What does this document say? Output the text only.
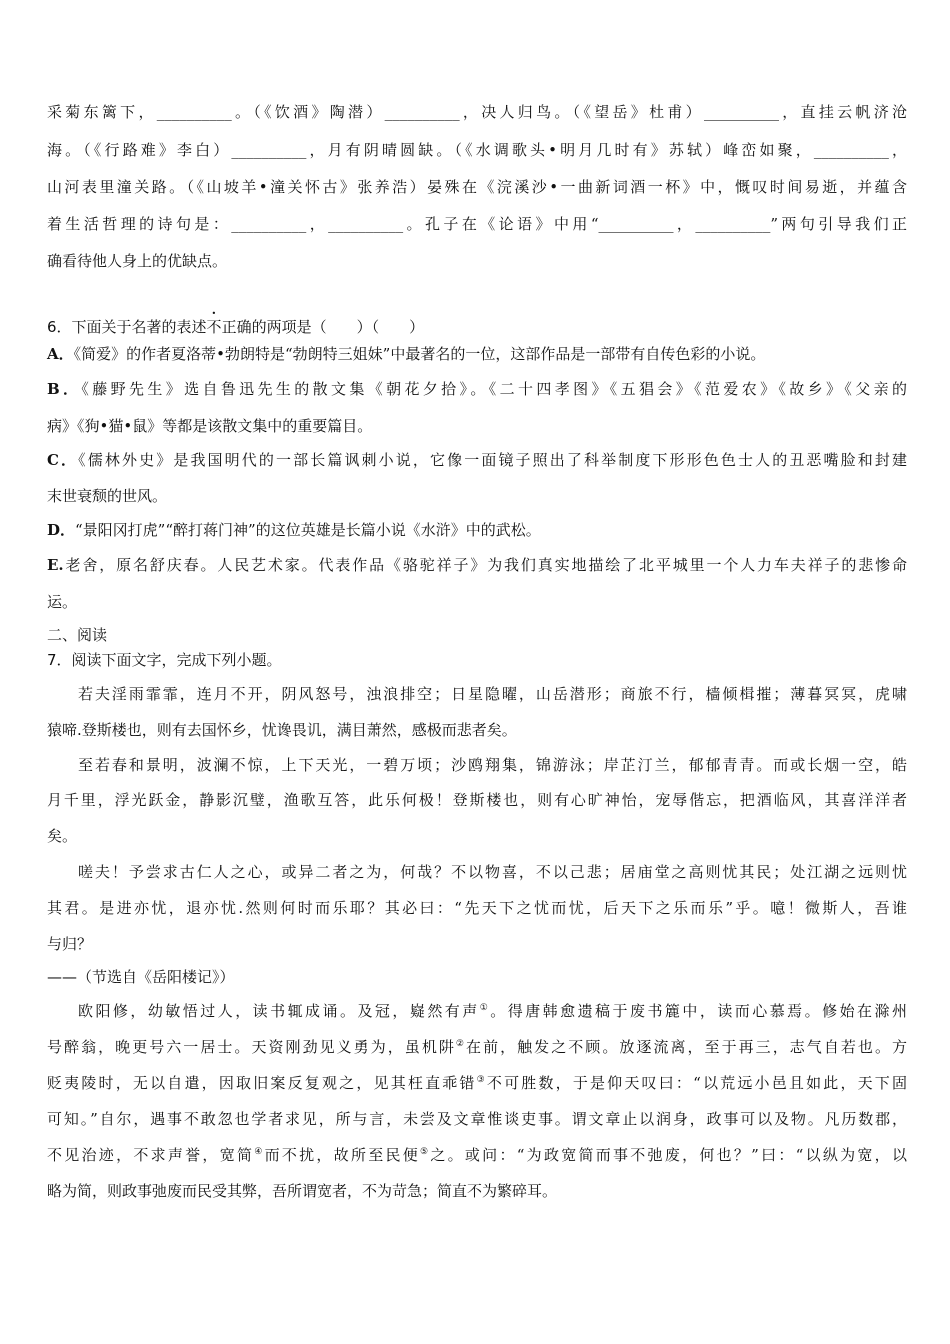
采菊东篱下，__________。（《饮酒》陶潜）__________，决人归鸟。（《望岳》杜甫）__________，直挂云帆济沧
海。（《行路难》李白）__________，月有阴晴圆缺。（《水调歌头•明月几时有》苏轼）峰峦如聚，__________，
山河表里潼关路。（《山坡羊•潼关怀古》张养浩）晏殊在《浣溪沙•一曲新词酒一杯》中，慨叹时间易逝，并蕴含
着生活哲理的诗句是：__________，__________。孔子在《论语》中用“__________，__________”两句引导我们正
确看待他人身上的优缺点。
6．下面关于名著的表述不正确的两项是（　　）（　　）
A．《简爱》的作者夏洛蒂•勃朗特是“勃朗特三姐妹”中最著名的一位，这部作品是一部带有自传色彩的小说。
B．《藤野先生》选自鲁迅先生的散文集《朝花夕拾》。《二十四孝图》《五猖会》《范爱农》《故乡》《父亲的
病》《狗•猫•鼠》等都是该散文集中的重要篇目。
C．《儒林外史》是我国明代的一部长篇讽刺小说，它像一面镜子照出了科举制度下形形色色士人的丑恶嘴脸和封建
末世衰颓的世风。
D．“景阳冈打虎”“醉打蒋门神”的这位英雄是长篇小说《水浒》中的武松。
E.老舍，原名舒庆春。人民艺术家。代表作品《骆驼祥子》为我们真实地描绘了北平城里一个人力车夫祥子的悲惨命
运。
二、阅读
7．阅读下面文字，完成下列小题。
若夫淫雨霏霏，连月不开，阴风怒号，浊浪排空；日星隐曜，山岳潜形；商旅不行，樯倾楫摧；薄暮冥冥，虎啸
猿啼.登斯楼也，则有去国怀乡，忧谗畏讥，满目萧然，感极而悲者矣。
至若春和景明，波澜不惊，上下天光，一碧万顷；沙鸥翔集，锦游泳；岸芷汀兰，郁郁青青。而或长烟一空，皓
月千里，浮光跃金，静影沉璧，渔歌互答，此乐何极！登斯楼也，则有心旷神怡，宠辱偕忘，把酒临风，其喜洋洋者
矣。
嗟夫！予尝求古仁人之心，或异二者之为，何哉？不以物喜，不以己悲；居庙堂之高则忧其民；处江湖之远则忧
其君。是进亦忧，退亦忧.然则何时而乐耶？其必曰：“先天下之忧而忧，后天下之乐而乐”乎。噫！微斯人，吾谁
与归？
——（节选自《岳阳楼记》）
欧阳修，幼敏悟过人，读书辄成诵。及冠，嶷然有声①。得唐韩愈遗稿于废书簏中，读而心慕焉。修始在滁州
号醉翁，晚更号六一居士。天资刚劲见义勇为，虽机阱②在前，触发之不顾。放逐流离，至于再三，志气自若也。方
贬夷陵时，无以自遣，因取旧案反复观之，见其枉直乖错③不可胜数，于是仰天叹曰：“以荒远小邑且如此，天下固
可知。”自尔，遇事不敢忽也学者求见，所与言，未尝及文章惟谈吏事。谓文章止以润身，政事可以及物。凡历数郡，
不见治迹，不求声誉，宽简④而不扰，故所至民便⑤之。或问：“为政宽简而事不弛废，何也？”曰：“以纵为宽，以
略为简，则政事弛废而民受其弊，吾所谓宽者，不为苛急；简直不为繁碎耳。
